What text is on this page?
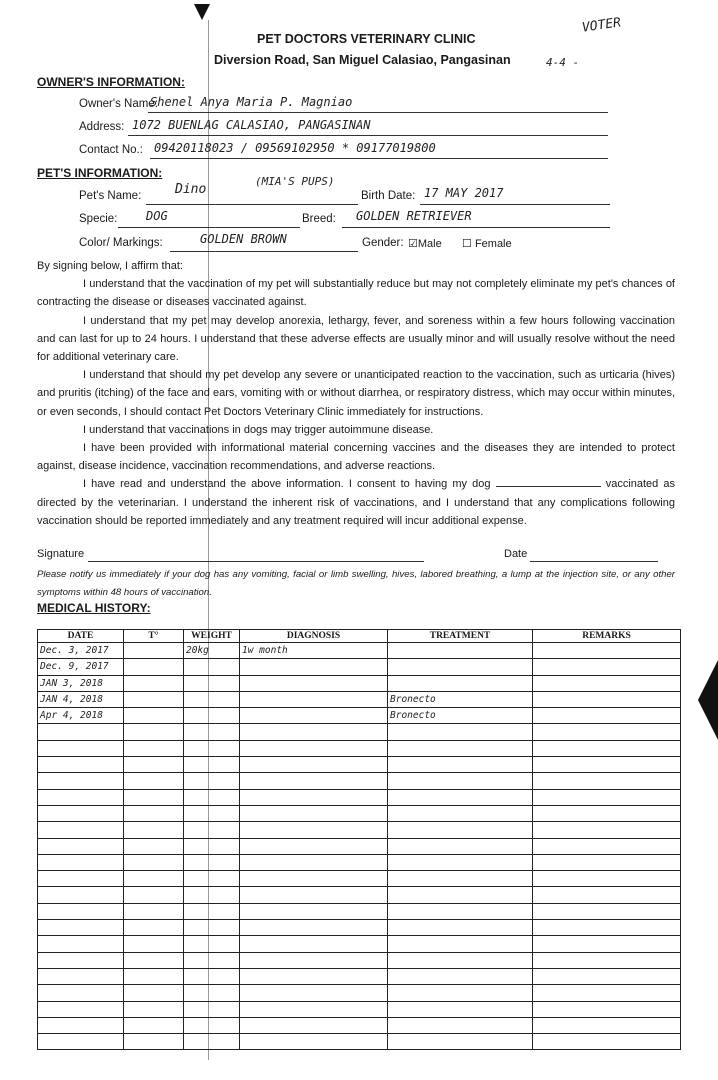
PET DOCTORS VETERINARY CLINIC
Diversion Road, San Miguel Calasiao, Pangasinan
VOTER
4-4 -
OWNER'S INFORMATION:
Owner's Name:
Shenel Anya Maria P. Magniao
Address: 1072 BUENLAG CALASIAO, PANGASINAN
Contact No.: 09420118023 / 09569102950 * 09177019800
PET'S INFORMATION:
Pet's Name:	Dino
(MIA'S PUPS)
Birth Date: 17 MAY 2017
Specie: DOG	Breed: GOLDEN RETRIEVER
Color/ Markings:	GOLDEN BROWN	Gender: ☑Male ☐ Female

By signing below, I affirm that:

I understand that the vaccination of my pet will substantially reduce but may not completely eliminate my pet's chances of contracting the disease or diseases vaccinated against.

I understand that my pet may develop anorexia, lethargy, fever, and soreness within a few hours following vaccination and can last for up to 24 hours. I understand that these adverse effects are usually minor and will usually resolve without the need for additional veterinary care.

I understand that should my pet develop any severe or unanticipated reaction to the vaccination, such as urticaria (hives) and pruritis (itching) of the face and ears, vomiting with or without diarrhea, or respiratory distress, which may occur within minutes, or even seconds, I should contact Pet Doctors Veterinary Clinic immediately for instructions.

I understand that vaccinations in dogs may trigger autoimmune disease.

I have been provided with informational material concerning vaccines and the diseases they are intended to protect against, disease incidence, vaccination recommendations, and adverse reactions.

I have read and understand the above information. I consent to having my dog	vaccinated as directed by the veterinarian. I understand the inherent risk of vaccinations, and I understand that any complications following vaccination should be reported immediately and any treatment required will incur additional expense.

Signature	Date
Please notify us immediately if your dog has any vomiting, facial or limb swelling, hives, labored breathing, a lump at the injection site, or any other symptoms within 48 hours of vaccination.
MEDICAL HISTORY:
DATE	T°	WEIGHT	DIAGNOSIS	TREATMENT	REMARKS
Dec. 3, 2017		20kg	1w month		
Dec. 9, 2017					
JAN 3, 2018					
JAN 4, 2018				Bronecto	
Apr 4, 2018				Bronecto	
